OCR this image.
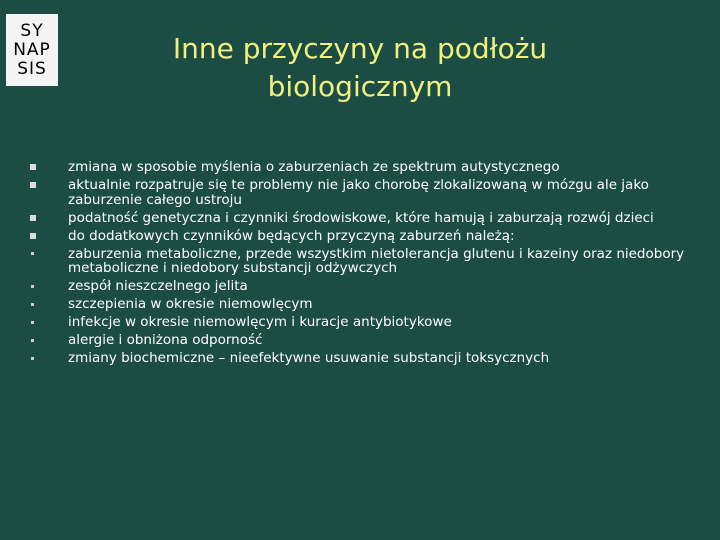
SY
NAP
SIS
Inne przyczyny na podłożu biologicznym
zmiana w sposobie myślenia o zaburzeniach ze spektrum autystycznego
aktualnie rozpatruje się te problemy nie jako chorobę zlokalizowaną w mózgu ale jako zaburzenie całego ustroju
podatność genetyczna i czynniki środowiskowe, które hamują i zaburzają rozwój dzieci
do dodatkowych czynników będących przyczyną zaburzeń należą:
zaburzenia metaboliczne, przede wszystkim nietolerancja glutenu i kazeiny oraz niedobory metaboliczne i niedobory substancji odżywczych
zespół nieszczelnego jelita
szczepienia w okresie niemowlęcym
infekcje w okresie niemowlęcym i kuracje antybiotykowe
alergie i obniżona odporność
zmiany biochemiczne – nieefektywne usuwanie substancji toksycznych
